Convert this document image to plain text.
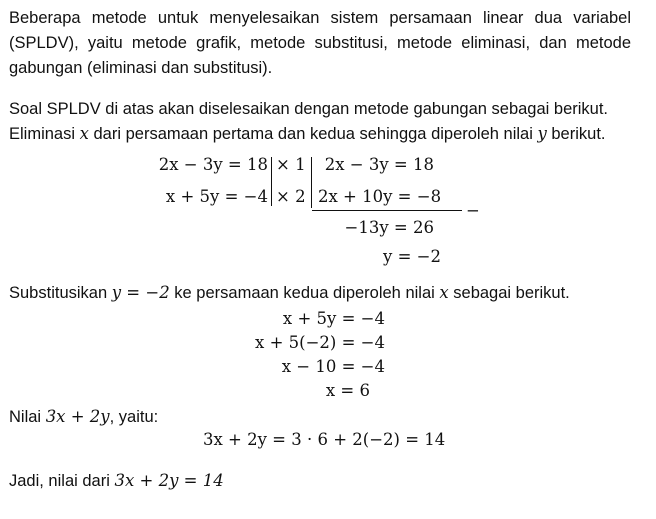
Beberapa metode untuk menyelesaikan sistem persamaan linear dua variabel
(SPLDV), yaitu metode grafik, metode substitusi, metode eliminasi, dan metode
gabungan (eliminasi dan substitusi).
Soal SPLDV di atas akan diselesaikan dengan metode gabungan sebagai berikut.
Eliminasi x dari persamaan pertama dan kedua sehingga diperoleh nilai y berikut.
2x − 3y = 18
x + 5y = −4
× 1
× 2
2x − 3y = 18
2x + 10y = −8
−
−13y = 26
y = −2
Substitusikan y = −2 ke persamaan kedua diperoleh nilai x sebagai berikut.
x + 5y = −4
x + 5(−2) = −4
x − 10 = −4
x = 6
Nilai 3x + 2y, yaitu:
3x + 2y = 3 · 6 + 2(−2) = 14
Jadi, nilai dari 3x + 2y = 14
